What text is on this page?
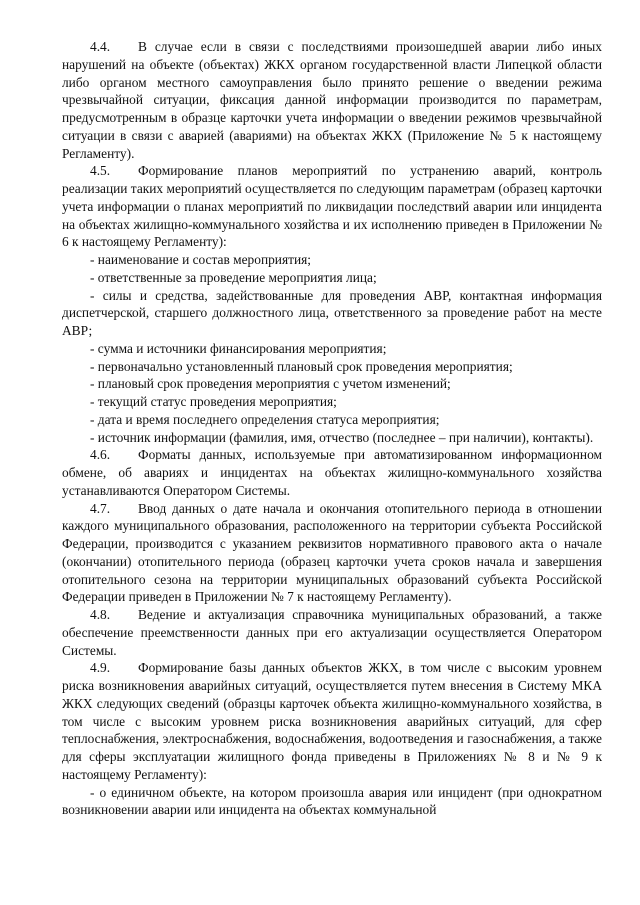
4.4. В случае если в связи с последствиями произошедшей аварии либо иных нарушений на объекте (объектах) ЖКХ органом государственной власти Липецкой области либо органом местного самоуправления было принято решение о введении режима чрезвычайной ситуации, фиксация данной информации производится по параметрам, предусмотренным в образце карточки учета информации о введении режимов чрезвычайной ситуации в связи с аварией (авариями) на объектах ЖКХ (Приложение № 5 к настоящему Регламенту).

4.5. Формирование планов мероприятий по устранению аварий, контроль реализации таких мероприятий осуществляется по следующим параметрам (образец карточки учета информации о планах мероприятий по ликвидации последствий аварии или инцидента на объектах жилищно-коммунального хозяйства и их исполнению приведен в Приложении № 6 к настоящему Регламенту):

- наименование и состав мероприятия;

- ответственные за проведение мероприятия лица;

- силы и средства, задействованные для проведения АВР, контактная информация диспетчерской, старшего должностного лица, ответственного за проведение работ на месте АВР;

- сумма и источники финансирования мероприятия;

- первоначально установленный плановый срок проведения мероприятия;

- плановый срок проведения мероприятия с учетом изменений;

- текущий статус проведения мероприятия;

- дата и время последнего определения статуса мероприятия;

- источник информации (фамилия, имя, отчество (последнее – при наличии), контакты).

4.6. Форматы данных, используемые при автоматизированном информационном обмене, об авариях и инцидентах на объектах жилищно-коммунального хозяйства устанавливаются Оператором Системы.

4.7. Ввод данных о дате начала и окончания отопительного периода в отношении каждого муниципального образования, расположенного на территории субъекта Российской Федерации, производится с указанием реквизитов нормативного правового акта о начале (окончании) отопительного периода (образец карточки учета сроков начала и завершения отопительного сезона на территории муниципальных образований субъекта Российской Федерации приведен в Приложении № 7 к настоящему Регламенту).

4.8. Ведение и актуализация справочника муниципальных образований, а также обеспечение преемственности данных при его актуализации осуществляется Оператором Системы.

4.9. Формирование базы данных объектов ЖКХ, в том числе с высоким уровнем риска возникновения аварийных ситуаций, осуществляется путем внесения в Систему МКА ЖКХ следующих сведений (образцы карточек объекта жилищно-коммунального хозяйства, в том числе с высоким уровнем риска возникновения аварийных ситуаций, для сфер теплоснабжения, электроснабжения, водоснабжения, водоотведения и газоснабжения, а также для сферы эксплуатации жилищного фонда приведены в Приложениях № 8 и № 9 к настоящему Регламенту):

- о единичном объекте, на котором произошла авария или инцидент (при однократном возникновении аварии или инцидента на объектах коммунальной
